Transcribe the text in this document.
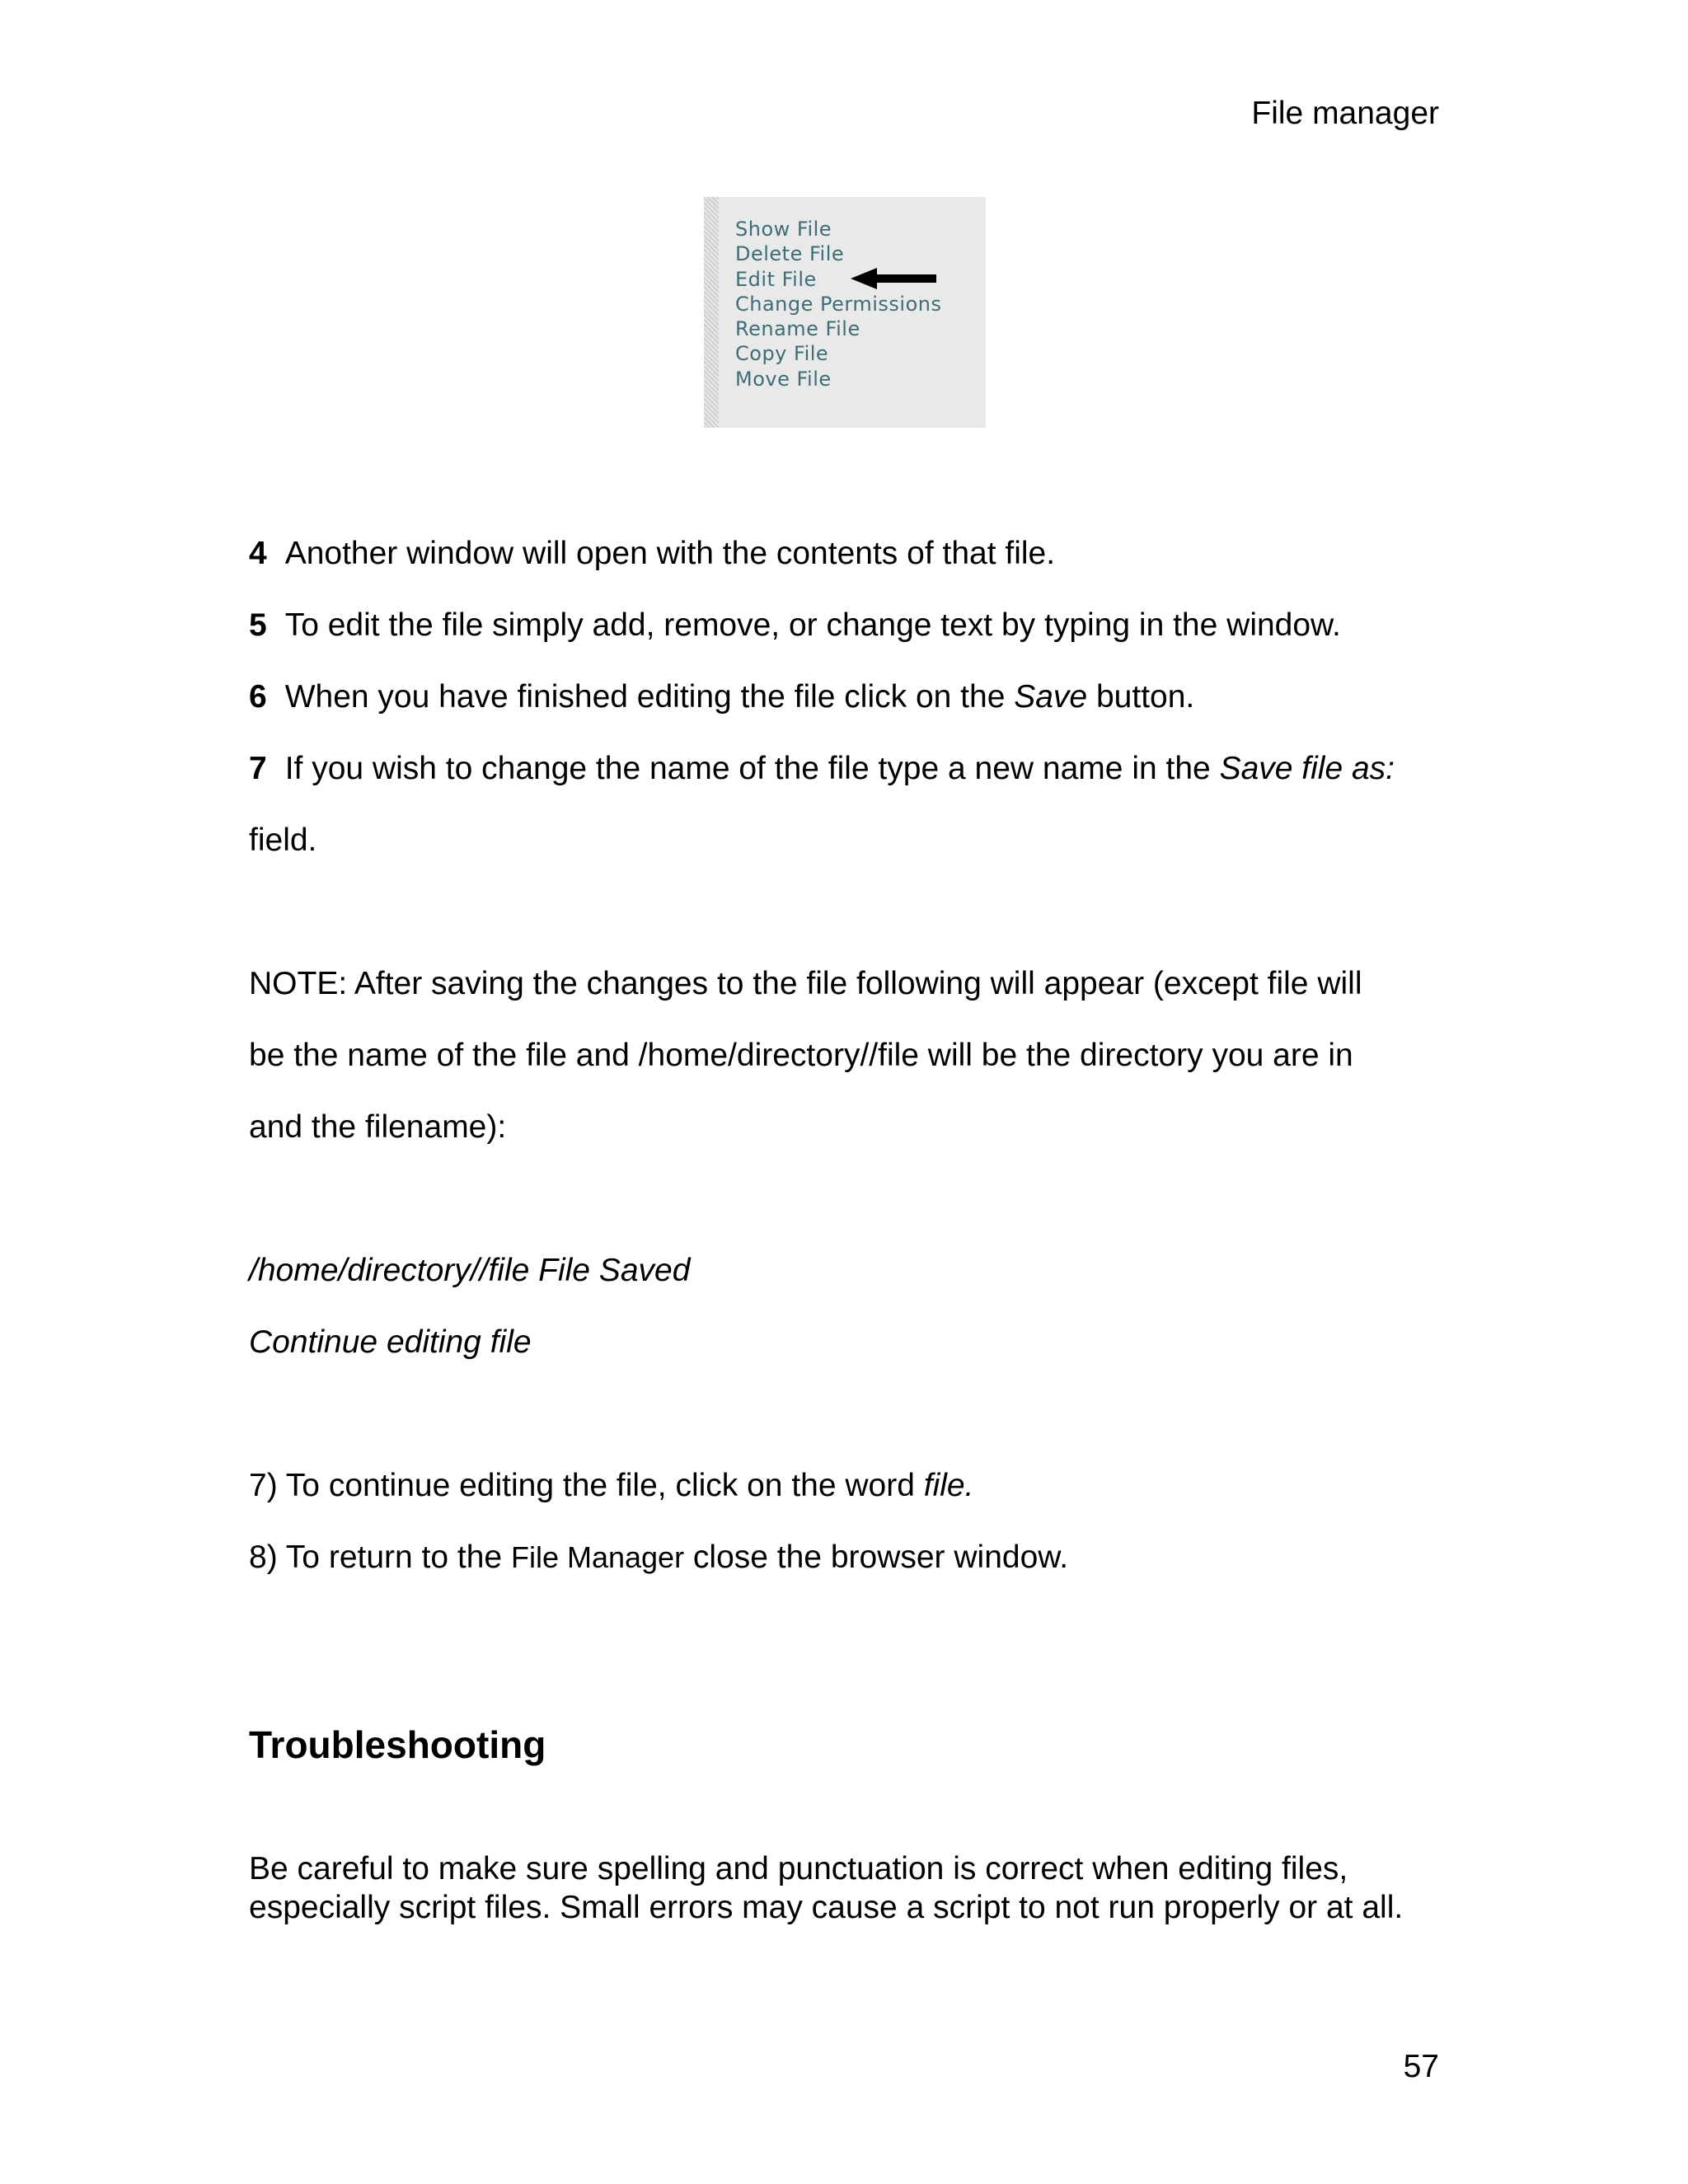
File manager
Show File
Delete File
Edit File
Change Permissions
Rename File
Copy File
Move File
4 Another window will open with the contents of that file.
5 To edit the file simply add, remove, or change text by typing in the window.
6 When you have finished editing the file click on the Save button.
7 If you wish to change the name of the file type a new name in the Save file as:
field.
NOTE: After saving the changes to the file following will appear (except file will
be the name of the file and /home/directory//file will be the directory you are in
and the filename):
/home/directory//file File Saved
Continue editing file
7) To continue editing the file, click on the word file.
8) To return to the File Manager close the browser window.
Troubleshooting
Be careful to make sure spelling and punctuation is correct when editing files, especially script files. Small errors may cause a script to not run properly or at all.
57
